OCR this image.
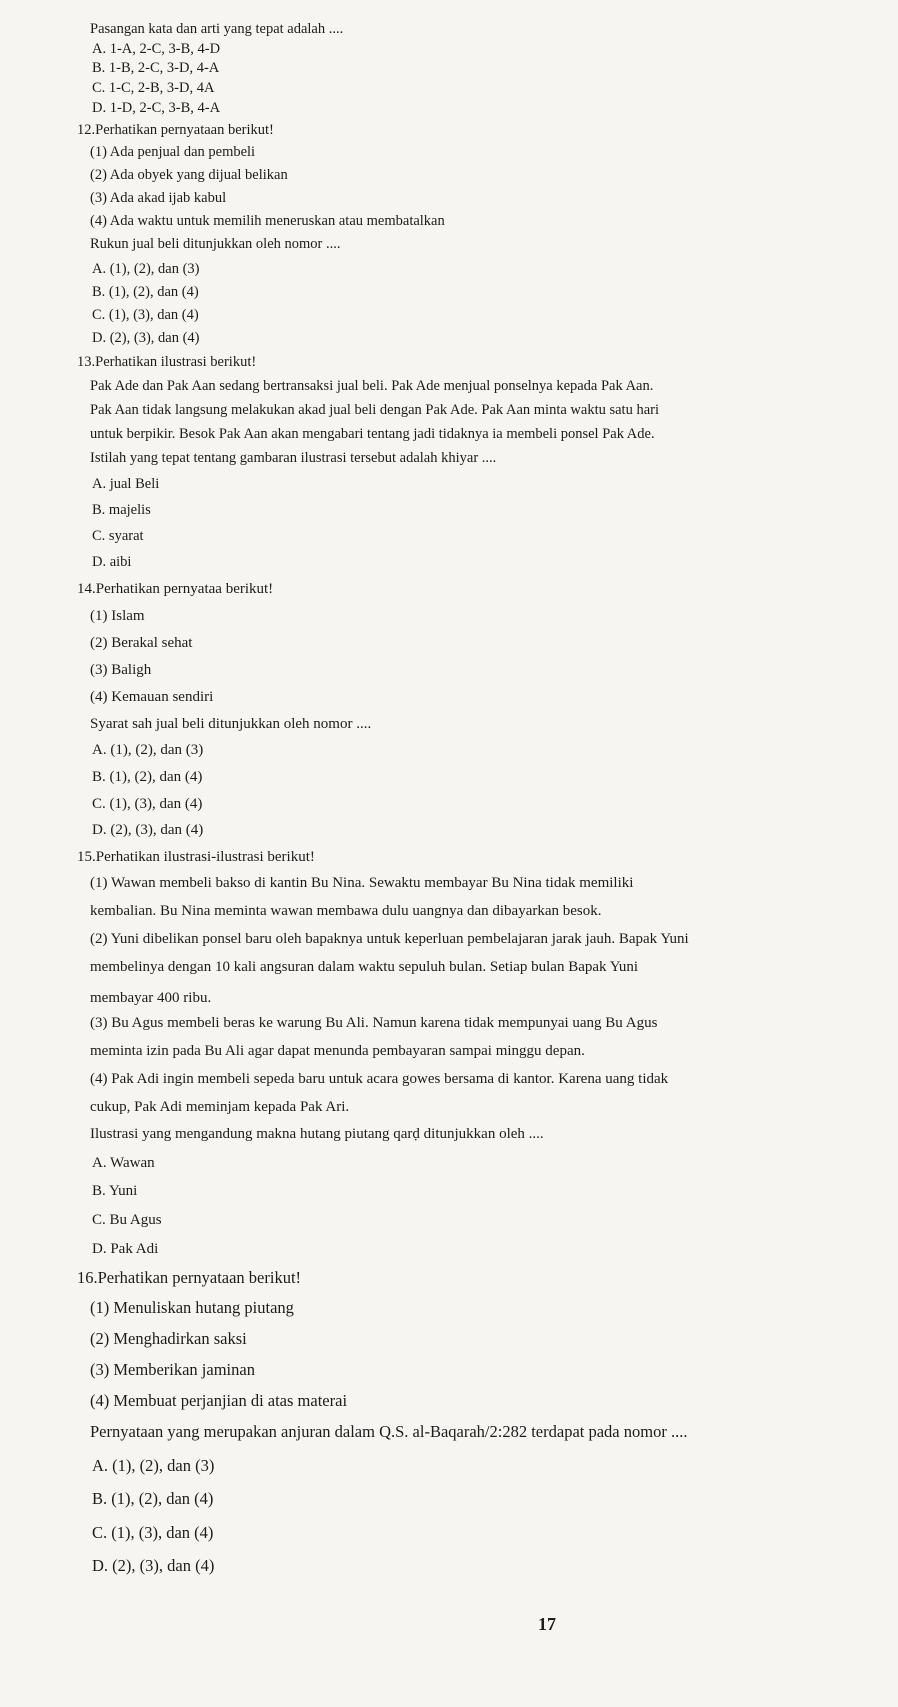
Pasangan kata dan arti yang tepat adalah ....
A. 1-A, 2-C, 3-B, 4-D
B. 1-B, 2-C, 3-D, 4-A
C. 1-C, 2-B, 3-D, 4A
D. 1-D, 2-C, 3-B, 4-A
12.Perhatikan pernyataan berikut!
(1) Ada penjual dan pembeli
(2) Ada obyek yang dijual belikan
(3) Ada akad ijab kabul
(4) Ada waktu untuk memilih meneruskan atau membatalkan
Rukun jual beli ditunjukkan oleh nomor ....
A. (1), (2), dan (3)
B. (1), (2), dan (4)
C. (1), (3), dan (4)
D. (2), (3), dan (4)
13.Perhatikan ilustrasi berikut!
Pak Ade dan Pak Aan sedang bertransaksi jual beli. Pak Ade menjual ponselnya kepada Pak Aan.
Pak Aan tidak langsung melakukan akad jual beli dengan Pak Ade. Pak Aan minta waktu satu hari
untuk berpikir. Besok Pak Aan akan mengabari tentang jadi tidaknya ia membeli ponsel Pak Ade.
Istilah yang tepat tentang gambaran ilustrasi tersebut adalah khiyar ....
A. jual Beli
B. majelis
C. syarat
D. aibi
14.Perhatikan pernyataa berikut!
(1) Islam
(2) Berakal sehat
(3) Baligh
(4) Kemauan sendiri
Syarat sah jual beli ditunjukkan oleh nomor ....
A. (1), (2), dan (3)
B. (1), (2), dan (4)
C. (1), (3), dan (4)
D. (2), (3), dan (4)
15.Perhatikan ilustrasi-ilustrasi berikut!
(1) Wawan membeli bakso di kantin Bu Nina. Sewaktu membayar Bu Nina tidak memiliki
kembalian. Bu Nina meminta wawan membawa dulu uangnya dan dibayarkan besok.
(2) Yuni dibelikan ponsel baru oleh bapaknya untuk keperluan pembelajaran jarak jauh. Bapak Yuni
membelinya dengan 10 kali angsuran dalam waktu sepuluh bulan. Setiap bulan Bapak Yuni
membayar 400 ribu.
(3) Bu Agus membeli beras ke warung Bu Ali. Namun karena tidak mempunyai uang Bu Agus
meminta izin pada Bu Ali agar dapat menunda pembayaran sampai minggu depan.
(4) Pak Adi ingin membeli sepeda baru untuk acara gowes bersama di kantor. Karena uang tidak
cukup, Pak Adi meminjam kepada Pak Ari.
Ilustrasi yang mengandung makna hutang piutang qarḍ ditunjukkan oleh ....
A. Wawan
B. Yuni
C. Bu Agus
D. Pak Adi
16.Perhatikan pernyataan berikut!
(1) Menuliskan hutang piutang
(2) Menghadirkan saksi
(3) Memberikan jaminan
(4) Membuat perjanjian di atas materai
Pernyataan yang merupakan anjuran dalam Q.S. al-Baqarah/2:282 terdapat pada nomor ....
A. (1), (2), dan (3)
B. (1), (2), dan (4)
C. (1), (3), dan (4)
D. (2), (3), dan (4)
17
